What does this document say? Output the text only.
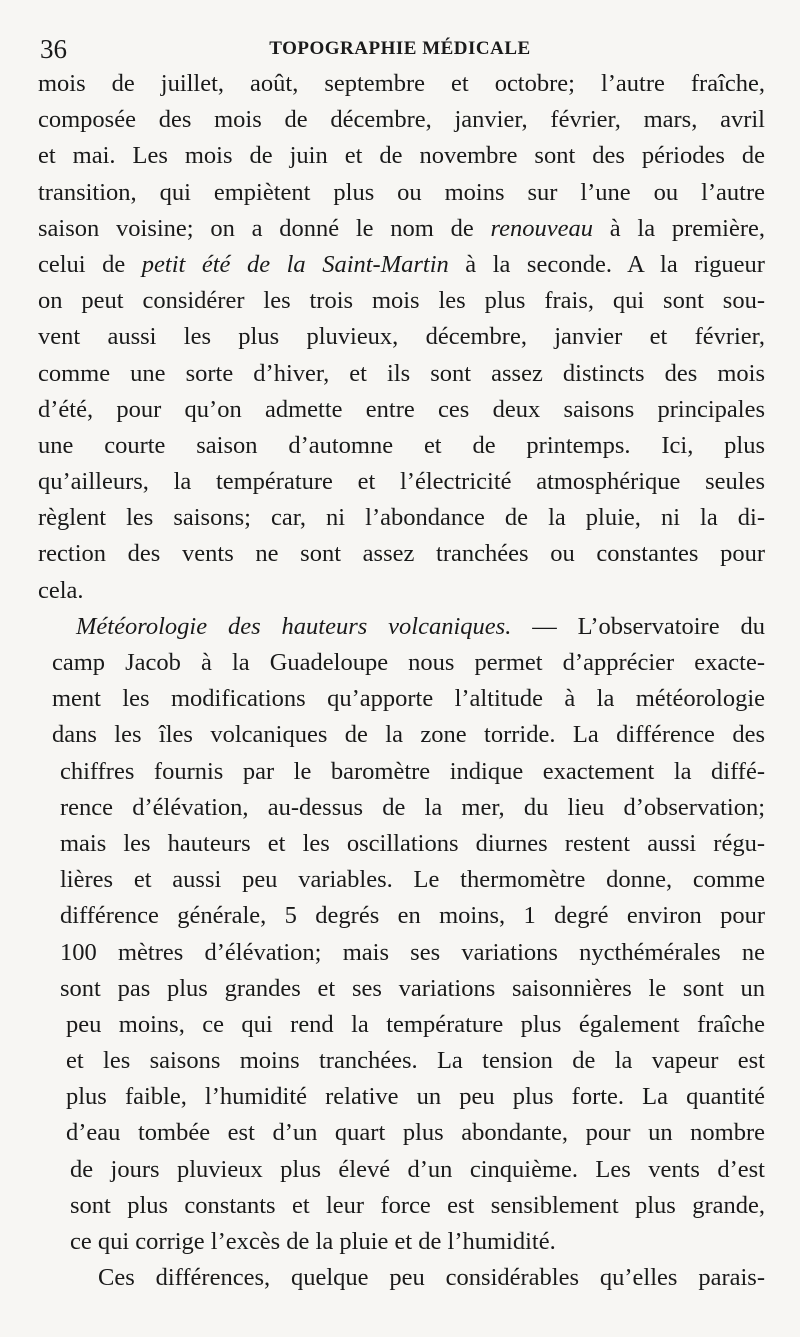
36	TOPOGRAPHIE MÉDICALE
mois de juillet, août, septembre et octobre; l’autre fraîche,
composée des mois de décembre, janvier, février, mars, avril
et mai. Les mois de juin et de novembre sont des périodes de
transition, qui empiètent plus ou moins sur l’une ou l’autre
saison voisine; on a donné le nom de renouveau à la première,
celui de petit été de la Saint-Martin à la seconde. A la rigueur
on peut considérer les trois mois les plus frais, qui sont sou-
vent aussi les plus pluvieux, décembre, janvier et février,
comme une sorte d’hiver, et ils sont assez distincts des mois
d’été, pour qu’on admette entre ces deux saisons principales
une courte saison d’automne et de printemps. Ici, plus
qu’ailleurs, la température et l’électricité atmosphérique seules
règlent les saisons; car, ni l’abondance de la pluie, ni la di-
rection des vents ne sont assez tranchées ou constantes pour
cela.
Météorologie des hauteurs volcaniques. — L’observatoire du
camp Jacob à la Guadeloupe nous permet d’apprécier exacte-
ment les modifications qu’apporte l’altitude à la météorologie
dans les îles volcaniques de la zone torride. La différence des
chiffres fournis par le baromètre indique exactement la diffé-
rence d’élévation, au-dessus de la mer, du lieu d’observation;
mais les hauteurs et les oscillations diurnes restent aussi régu-
lières et aussi peu variables. Le thermomètre donne, comme
différence générale, 5 degrés en moins, 1 degré environ pour
100 mètres d’élévation; mais ses variations nycthémérales ne
sont pas plus grandes et ses variations saisonnières le sont un
peu moins, ce qui rend la température plus également fraîche
et les saisons moins tranchées. La tension de la vapeur est
plus faible, l’humidité relative un peu plus forte. La quantité
d’eau tombée est d’un quart plus abondante, pour un nombre
de jours pluvieux plus élevé d’un cinquième. Les vents d’est
sont plus constants et leur force est sensiblement plus grande,
ce qui corrige l’excès de la pluie et de l’humidité.
Ces différences, quelque peu considérables qu’elles parais-
